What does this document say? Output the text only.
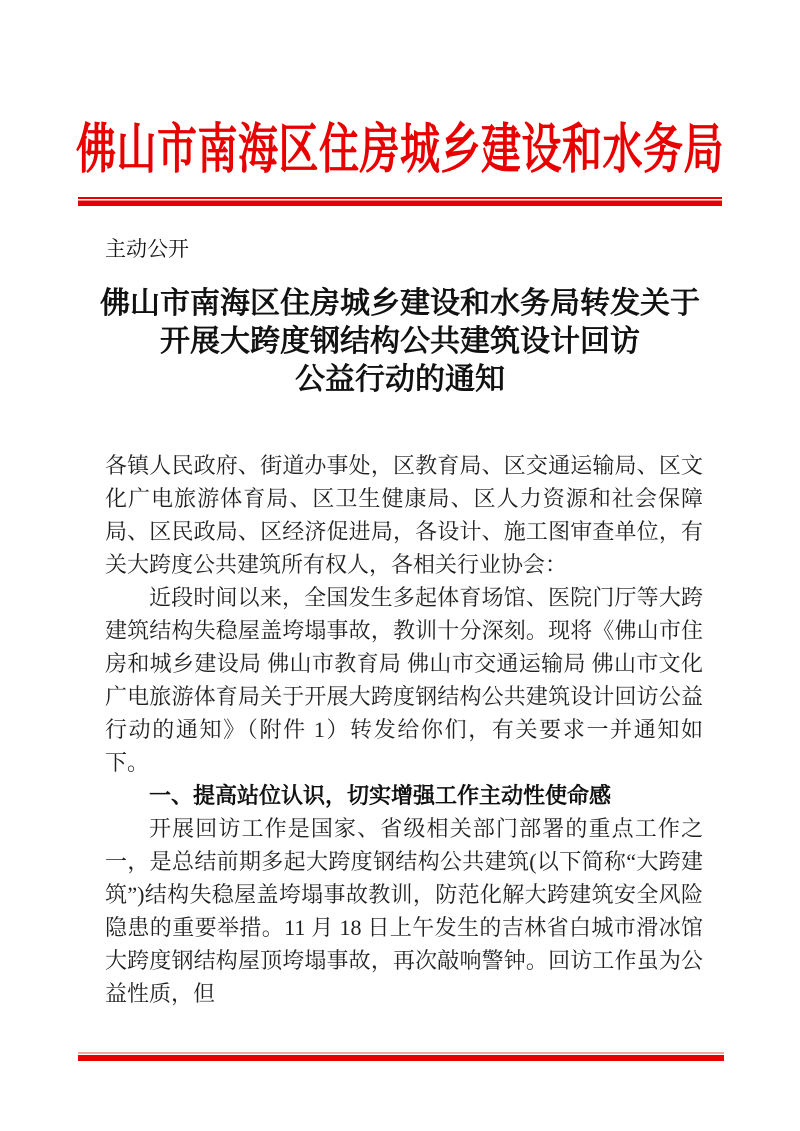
佛山市南海区住房城乡建设和水务局
主动公开
佛山市南海区住房城乡建设和水务局转发关于
开展大跨度钢结构公共建筑设计回访
公益行动的通知

各镇人民政府、街道办事处，区教育局、区交通运输局、区文化广电旅游体育局、区卫生健康局、区人力资源和社会保障局、区民政局、区经济促进局，各设计、施工图审查单位，有关大跨度公共建筑所有权人，各相关行业协会：

近段时间以来，全国发生多起体育场馆、医院门厅等大跨建筑结构失稳屋盖垮塌事故，教训十分深刻。现将《佛山市住房和城乡建设局 佛山市教育局 佛山市交通运输局 佛山市文化广电旅游体育局关于开展大跨度钢结构公共建筑设计回访公益行动的通知》（附件 1）转发给你们，有关要求一并通知如下。

一、提高站位认识，切实增强工作主动性使命感

开展回访工作是国家、省级相关部门部署的重点工作之一，是总结前期多起大跨度钢结构公共建筑(以下简称“大跨建筑”)结构失稳屋盖垮塌事故教训，防范化解大跨建筑安全风险隐患的重要举措。11 月 18 日上午发生的吉林省白城市滑冰馆大跨度钢结构屋顶垮塌事故，再次敲响警钟。回访工作虽为公益性质，但
